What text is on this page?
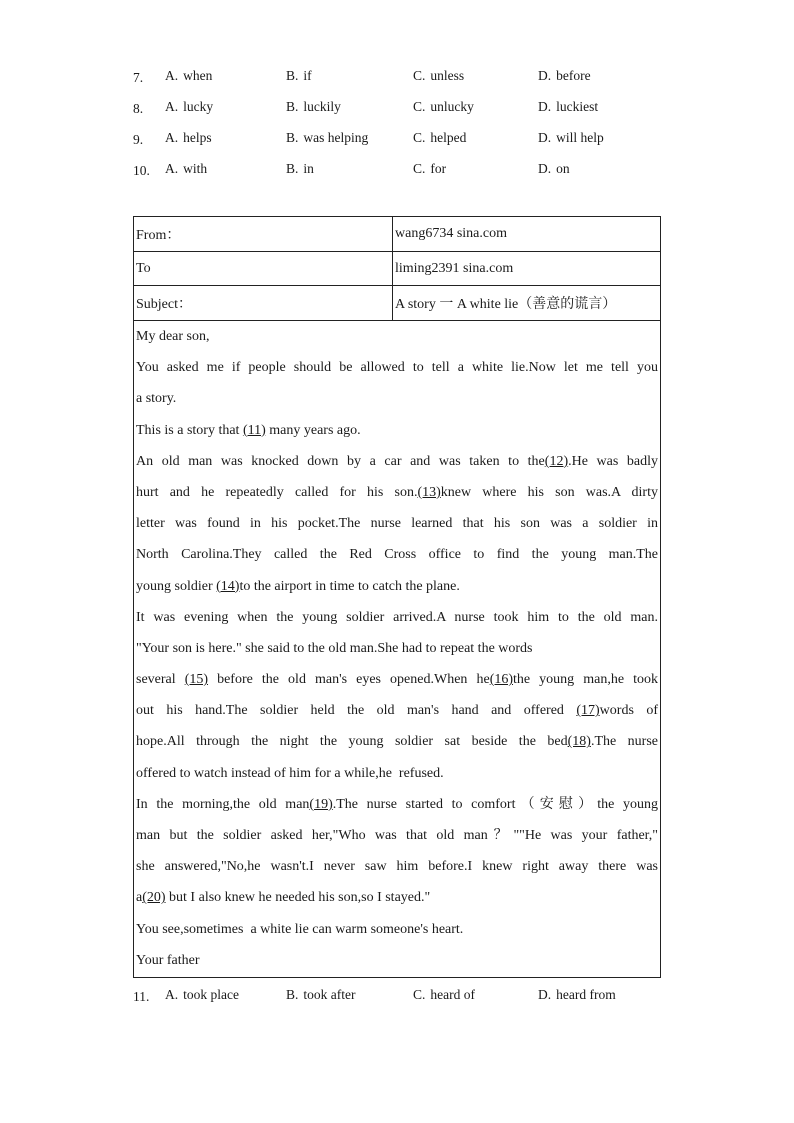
7. A. when	B. if	C. unless	D. before
8. A. lucky	B. luckily	C. unlucky	D. luckiest
9. A. helps	B. was helping	C. helped	D. will help
10. A. with	B. in	C. for	D. on
From：	wang6734 sina.com
To	liming2391 sina.com
Subject：	A story 一 A white lie（善意的谎言）
My dear son,
You asked me if people should be allowed to tell a white lie.Now let me tell you
a story.
This is a story that (11) many years ago.
An old man was knocked down by a car and was taken to the(12).He was badly
hurt and he repeatedly called for his son.(13)knew where his son was.A dirty
letter was found in his pocket.The nurse learned that his son was a soldier in
North Carolina.They called the Red Cross office to find the young man.The
young soldier (14)to the airport in time to catch the plane.
It was evening when the young soldier arrived.A nurse took him to the old man.
"Your son is here." she said to the old man.She had to repeat the words
several (15) before the old man's eyes opened.When he(16)the young man,he took
out his hand.The soldier held the old man's hand and offered (17)words of
hope.All through the night the young soldier sat beside the bed(18).The nurse
offered to watch instead of him for a while,he  refused.
In the morning,the old man(19).The nurse started to comfort（安慰）the young
man but the soldier asked her,"Who was that old man？""He was your father,"
she answered,"No,he wasn't.I never saw him before.I knew right away there was
a(20) but I also knew he needed his son,so I stayed."
You see,sometimes  a white lie can warm someone's heart.
Your father
11. A. took place	B. took after	C. heard of	D. heard from
